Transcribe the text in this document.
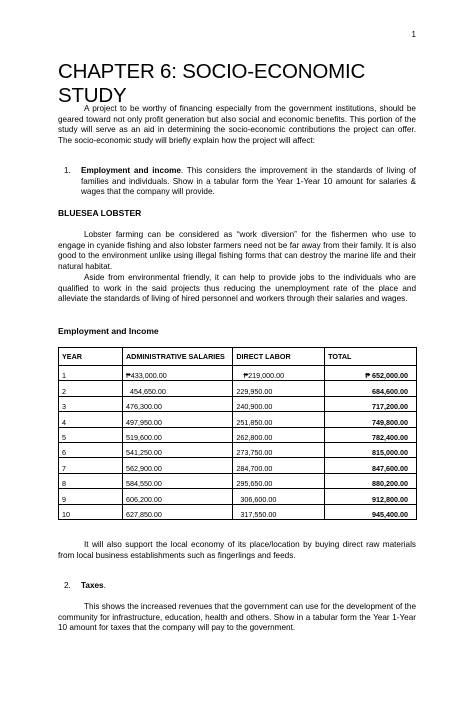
1
CHAPTER 6: SOCIO-ECONOMIC STUDY

A project to be worthy of financing especially from the government institutions, should be geared toward not only profit generation but also social and economic benefits. This portion of the study will serve as an aid in determining the socio-economic contributions the project can offer. The socio-economic study will briefly explain how the project will affect:

1.	Employment and income. This considers the improvement in the standards of living of families and individuals. Show in a tabular form the Year 1-Year 10 amount for salaries & wages that the company will provide.
BLUESEA LOBSTER

Lobster farming can be considered as “work diversion” for the fishermen who use to engage in cyanide fishing and also lobster farmers need not be far away from their family. It is also good to the environment unlike using illegal fishing forms that can destroy the marine life and their natural habitat.

Aside from environmental friendly, it can help to provide jobs to the individuals who are qualified to work in the said projects thus reducing the unemployment rate of the place and alleviate the standards of living of hired personnel and workers through their salaries and wages.

Employment and Income
YEAR	ADMINISTRATIVE SALARIES	DIRECT LABOR	TOTAL
1	₱433,000.00	₱219,000.00	₱ 652,000.00
2	454,650.00	229,950.00	684,600.00
3	476,300.00	240,900.00	717,200.00
4	497,950.00	251,850.00	749,800.00
5	519,600.00	262,800.00	782,400.00
6	541,250.00	273,750.00	815,000.00
7	562,900.00	284,700.00	847,600.00
8	584,550.00	295,650.00	880,200.00
9	606,200.00	306,600.00	912,800.00
10	627,850.00	317,550.00	945,400.00

It will also support the local economy of its place/location by buying direct raw materials from local business establishments such as fingerlings and feeds.

2.	Taxes.

This shows the increased revenues that the government can use for the development of the community for infrastructure, education, health and others. Show in a tabular form the Year 1-Year 10 amount for taxes that the company will pay to the government.
